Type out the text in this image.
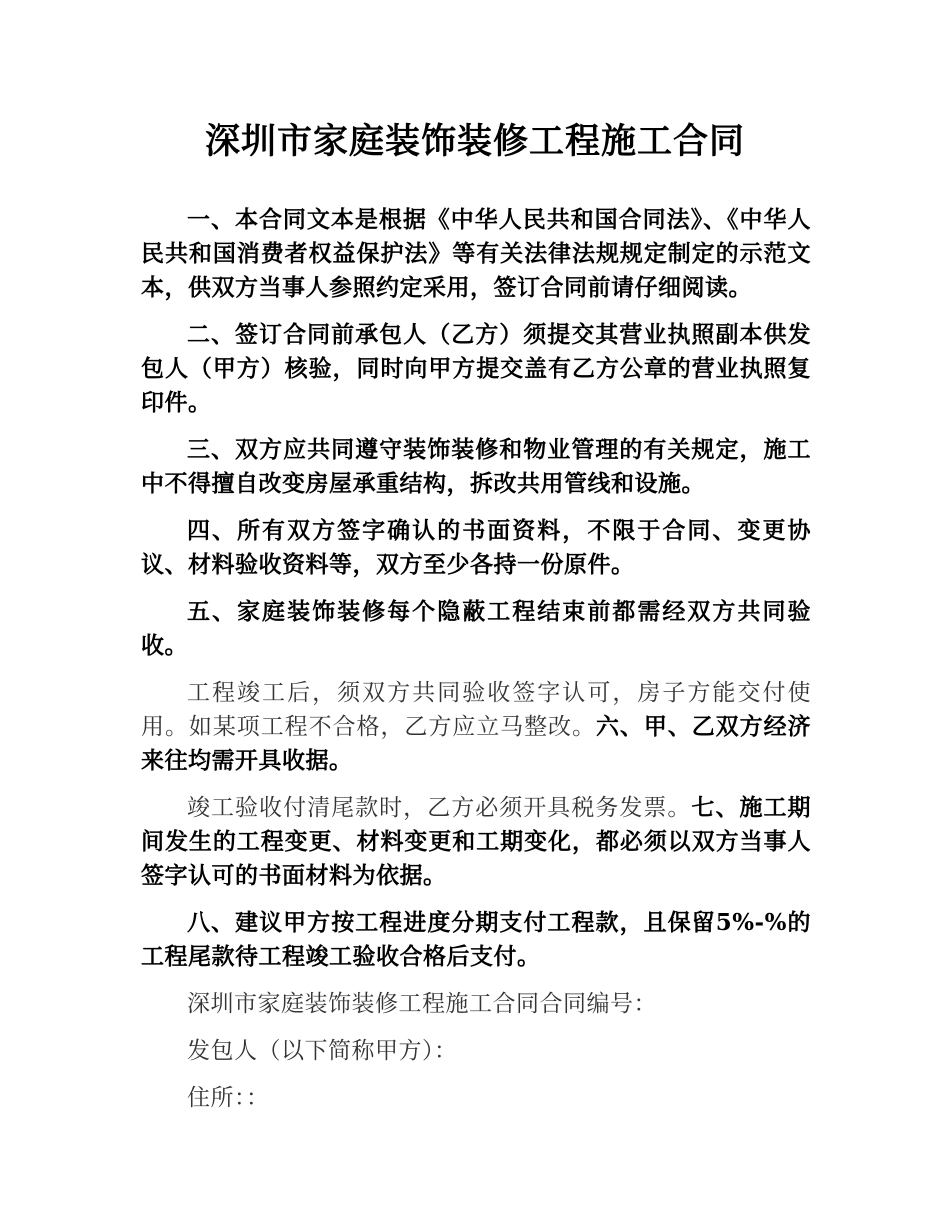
深圳市家庭装饰装修工程施工合同

一、本合同文本是根据《中华人民共和国合同法》、《中华人民共和国消费者权益保护法》等有关法律法规规定制定的示范文本，供双方当事人参照约定采用，签订合同前请仔细阅读。

二、签订合同前承包人（乙方）须提交其营业执照副本供发包人（甲方）核验，同时向甲方提交盖有乙方公章的营业执照复印件。

三、双方应共同遵守装饰装修和物业管理的有关规定，施工中不得擅自改变房屋承重结构，拆改共用管线和设施。

四、所有双方签字确认的书面资料，不限于合同、变更协议、材料验收资料等，双方至少各持一份原件。

五、家庭装饰装修每个隐蔽工程结束前都需经双方共同验收。

工程竣工后，须双方共同验收签字认可，房子方能交付使用。如某项工程不合格，乙方应立马整改。六、甲、乙双方经济来往均需开具收据。

竣工验收付清尾款时，乙方必须开具税务发票。七、施工期间发生的工程变更、材料变更和工期变化，都必须以双方当事人签字认可的书面材料为依据。

八、建议甲方按工程进度分期支付工程款，且保留5%-%的工程尾款待工程竣工验收合格后支付。

深圳市家庭装饰装修工程施工合同合同编号：

发包人（以下简称甲方）：

住所：：
